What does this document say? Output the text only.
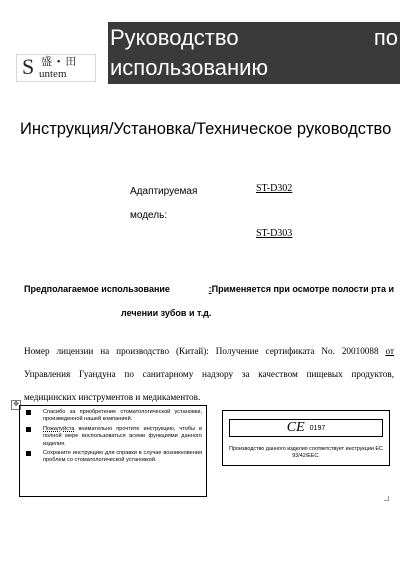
S 盛 • 田
untem
Руководство	по
использованию
Инструкция/Установка/Техническое руководство
Адаптируемая
модель:
ST-D302
ST-D303
Предполагаемое использование	:Применяется при осмотре полости рта и
лечении зубов и т.д.
Номер лицензии на производство (Китай): Получение сертификата No. 20010088 от Управления Гуандуна по санитарному надзору за качеством пищевых продуктов, медицинских инструментов и медикаментов.
✥
Спасибо за приобретение стоматологической установки, произведенной нашей компанией.
Пожалуйста внимательно прочтите инструкцию, чтобы в полной мере воспользоваться всеми функциями данного изделия.
Сохраните инструкцию для справки в случае возникновения проблем со стоматологической установкой.
CE 0197
Производство данного изделия соответствует инструкции ЕС 93/42/EEC.
